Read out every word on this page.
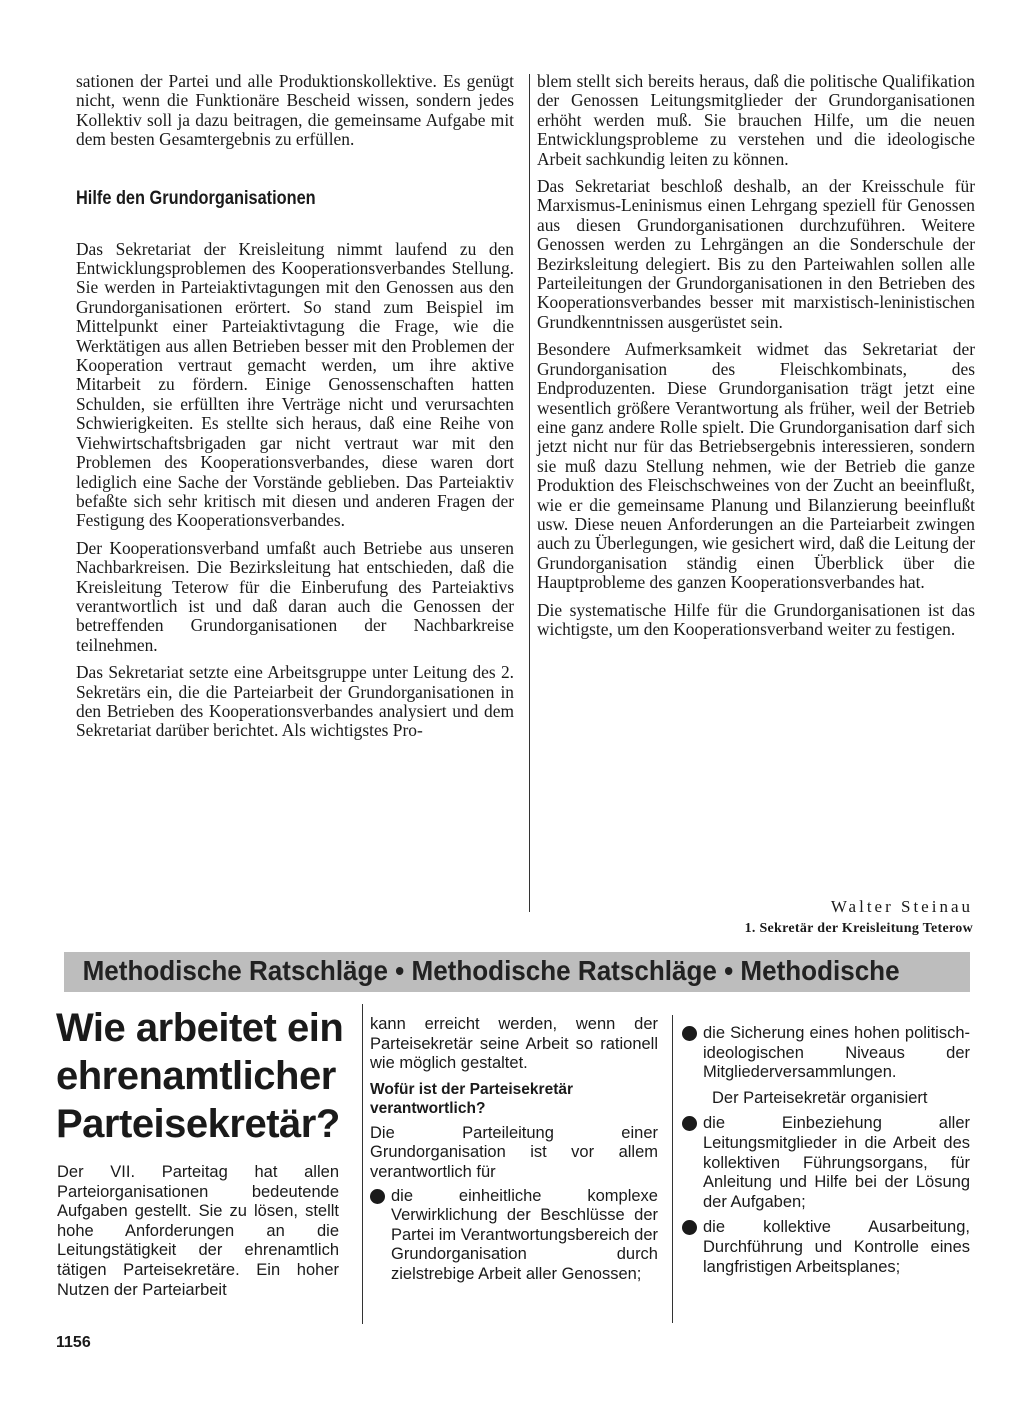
sationen der Partei und alle Produktionskollektive. Es genügt nicht, wenn die Funktionäre Bescheid wissen, sondern jedes Kollektiv soll ja dazu beitragen, die gemeinsame Aufgabe mit dem besten Gesamtergebnis zu erfüllen.

Hilfe den Grundorganisationen

Das Sekretariat der Kreisleitung nimmt laufend zu den Entwicklungsproblemen des Kooperationsverbandes Stellung. Sie werden in Parteiaktivtagungen mit den Genossen aus den Grundorganisationen erörtert. So stand zum Beispiel im Mittelpunkt einer Parteiaktivtagung die Frage, wie die Werktätigen aus allen Betrieben besser mit den Problemen der Kooperation vertraut gemacht werden, um ihre aktive Mitarbeit zu fördern. Einige Genossenschaften hatten Schulden, sie erfüllten ihre Verträge nicht und verursachten Schwierigkeiten. Es stellte sich heraus, daß eine Reihe von Viehwirtschaftsbrigaden gar nicht vertraut war mit den Problemen des Kooperationsverbandes, diese waren dort lediglich eine Sache der Vorstände geblieben. Das Parteiaktiv befaßte sich sehr kritisch mit diesen und anderen Fragen der Festigung des Kooperationsverbandes.

Der Kooperationsverband umfaßt auch Betriebe aus unseren Nachbarkreisen. Die Bezirksleitung hat entschieden, daß die Kreisleitung Teterow für die Einberufung des Parteiaktivs verantwortlich ist und daß daran auch die Genossen der betreffenden Grundorganisationen der Nachbarkreise teilnehmen.

Das Sekretariat setzte eine Arbeitsgruppe unter Leitung des 2. Sekretärs ein, die die Parteiarbeit der Grundorganisationen in den Betrieben des Kooperationsverbandes analysiert und dem Sekretariat darüber berichtet. Als wichtigstes Pro-

blem stellt sich bereits heraus, daß die politische Qualifikation der Genossen Leitungsmitglieder der Grundorganisationen erhöht werden muß. Sie brauchen Hilfe, um die neuen Entwicklungsprobleme zu verstehen und die ideologische Arbeit sachkundig leiten zu können.

Das Sekretariat beschloß deshalb, an der Kreisschule für Marxismus-Leninismus einen Lehrgang speziell für Genossen aus diesen Grundorganisationen durchzuführen. Weitere Genossen werden zu Lehrgängen an die Sonderschule der Bezirksleitung delegiert. Bis zu den Parteiwahlen sollen alle Parteileitungen der Grundorganisationen in den Betrieben des Kooperationsverbandes besser mit marxistisch-leninistischen Grundkenntnissen ausgerüstet sein.

Besondere Aufmerksamkeit widmet das Sekretariat der Grundorganisation des Fleischkombinats, des Endproduzenten. Diese Grundorganisation trägt jetzt eine wesentlich größere Verantwortung als früher, weil der Betrieb eine ganz andere Rolle spielt. Die Grundorganisation darf sich jetzt nicht nur für das Betriebsergebnis interessieren, sondern sie muß dazu Stellung nehmen, wie der Betrieb die ganze Produktion des Fleischschweines von der Zucht an beeinflußt, wie er die gemeinsame Planung und Bilanzierung beeinflußt usw. Diese neuen Anforderungen an die Parteiarbeit zwingen auch zu Überlegungen, wie gesichert wird, daß die Leitung der Grundorganisation ständig einen Überblick über die Hauptprobleme des ganzen Kooperationsverbandes hat.

Die systematische Hilfe für die Grundorganisationen ist das wichtigste, um den Kooperationsverband weiter zu festigen.

Walter Steinau
1. Sekretär der Kreisleitung Teterow
Methodische Ratschläge • Methodische Ratschläge • Methodische

Wie arbeitet ein

ehrenamtlicher

Parteisekretär?

Der VII. Parteitag hat allen Parteiorganisationen bedeutende Aufgaben gestellt. Sie zu lösen, stellt hohe Anforderungen an die Leitungstätigkeit der ehrenamtlich tätigen Parteisekretäre. Ein hoher Nutzen der Parteiarbeit

1156

kann erreicht werden, wenn der Parteisekretär seine Arbeit so rationell wie möglich gestaltet.

Wofür ist der Parteisekretär verantwortlich?

Die Parteileitung einer Grundorganisation ist vor allem verantwortlich für

die einheitliche komplexe Verwirklichung der Beschlüsse der Partei im Verantwortungsbereich der Grundorganisation durch zielstrebige Arbeit aller Genossen;
die Sicherung eines hohen politisch-ideologischen Niveaus der Mitgliederversammlungen.

Der Parteisekretär organisiert

die Einbeziehung aller Leitungsmitglieder in die Arbeit des kollektiven Führungsorgans, für Anleitung und Hilfe bei der Lösung der Aufgaben;
die kollektive Ausarbeitung, Durchführung und Kontrolle eines langfristigen Arbeitsplanes;
